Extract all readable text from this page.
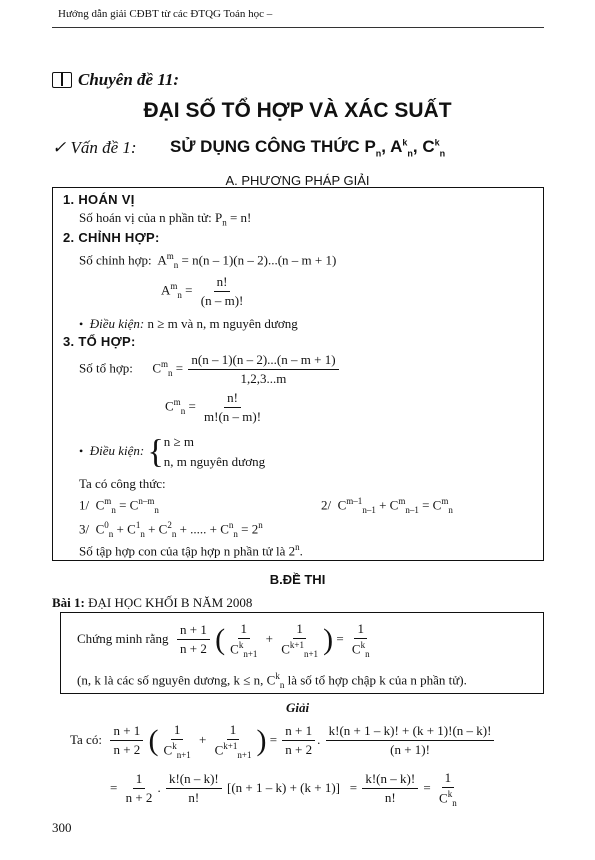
Hướng dẫn giải CĐBT từ các ĐTQG Toán học –
Chuyên đề 11:
ĐẠI SỐ TỔ HỢP VÀ XÁC SUẤT
✓ Vấn đề 1: SỬ DỤNG CÔNG THỨC $P_n$, $A^k_n$, $C^k_n$
A. PHƯƠNG PHÁP GIẢI
1. HOÁN VỊ
Số hoán vị của n phần tử: $P_n = n$!
2. CHỈNH HỢP:
Số chỉnh hợp:  $A^m_n = n(n - 1)(n - 2)...(n - m + 1)$
$A^m_n = \frac{n!}{(n - m)!}$
• Điều kiện: n ≥ m và n, m nguyên dương
3. TỔ HỢP:
Số tổ hợp:      $C^m_n = \frac{n(n - 1)(n - 2)...(n - m + 1)}{1,2,3...m}$
$C^m_n = \frac{n!}{m!(n - m)!}$
• Điều kiện: {n ≥ m
n, m nguyên dương
Ta có công thức:
1/  $C^m_n = C^{n-m}_n$	2/  $C^{m-1}_{n-1} + C^m_{n-1} = C^m_n$
3/  $C^0_n + C^1_n + C^2_n$ + ..... + $C^n_n = 2^n$
Số tập hợp con của tập hợp n phần tử là 2$^n$.
B.ĐỀ THI
Bài 1: ĐẠI HỌC KHỐI B NĂM 2008
Chứng minh rằng $\frac{n + 1}{n + 2}$ ( $\frac{1}{C^k_{n+1}} + \frac{1}{C^{k+1}_{n+1}}$ ) = $\frac{1}{C^k_n}$
(n, k là các số nguyên dương, k ≤ n, $C^k_n$ là số tổ hợp chập k của n phần tử).
Giải
Ta có: $\frac{n + 1}{n + 2}$ ( $\frac{1}{C^k_{n+1}} + \frac{1}{C^{k+1}_{n+1}}$ ) = $\frac{n + 1}{n + 2}$ . $\frac{k!(n + 1 - k)! + (k + 1)!(n - k)!}{(n + 1)!}$
= $\frac{1}{n + 2}$ . $\frac{k!(n - k)!}{n!} [(n + 1 - k) + (k + 1)] = \frac{k!(n - k)!}{n!} = \frac{1}{C^k_n}$
300
